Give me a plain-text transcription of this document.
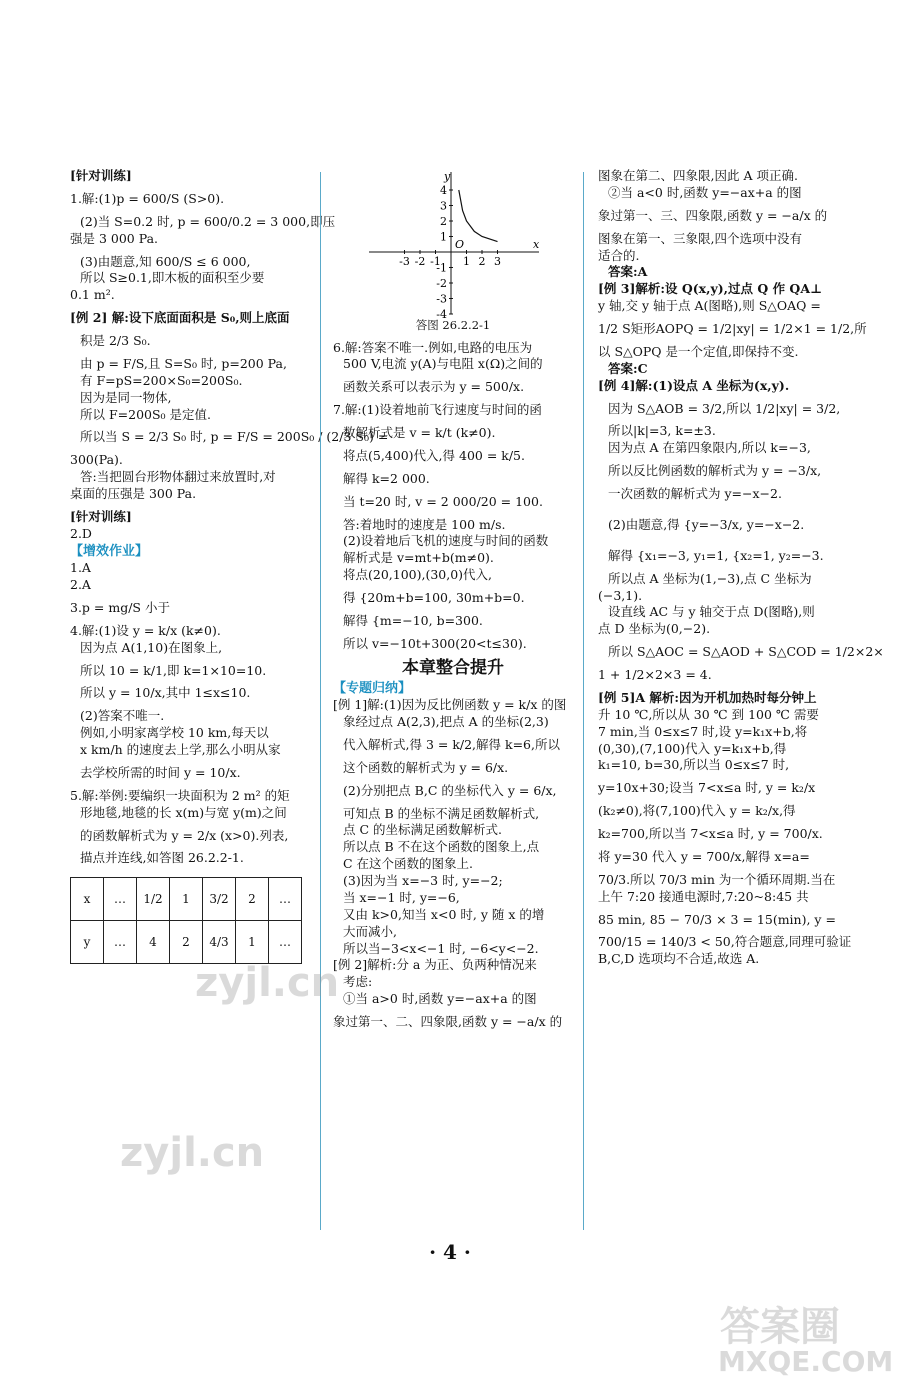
[针对训练]
1.解:(1)p = 600/S (S>0).
(2)当 S=0.2 时, p = 600/0.2 = 3 000,即压
强是 3 000 Pa.
(3)由题意,知 600/S ≤ 6 000,
所以 S≥0.1,即木板的面积至少要
0.1 m².
[例 2] 解:设下底面面积是 S₀,则上底面
积是 2/3 S₀.
由 p = F/S,且 S=S₀ 时, p=200 Pa,
有 F=pS=200×S₀=200S₀.
因为是同一物体,
所以 F=200S₀ 是定值.
所以当 S = 2/3 S₀ 时, p = F/S = 200S₀ / (2/3 S₀) =
300(Pa).
答:当把圆台形物体翻过来放置时,对
桌面的压强是 300 Pa.
[针对训练]
2.D
【增效作业】
1.A
2.A
3.p = mg/S 小于
4.解:(1)设 y = k/x (k≠0).
因为点 A(1,10)在图象上,
所以 10 = k/1,即 k=1×10=10.
所以 y = 10/x,其中 1≤x≤10.
(2)答案不唯一.
例如,小明家离学校 10 km,每天以
x km/h 的速度去上学,那么小明从家
去学校所需的时间 y = 10/x.
5.解:举例:要编织一块面积为 2 m² 的矩
形地毯,地毯的长 x(m)与宽 y(m)之间
的函数解析式为 y = 2/x (x>0).列表,
描点并连线,如答图 26.2.2-1.
x	…	1/2	1	3/2	2	…
y	…	4	2	4/3	1	…
y
x
O
4
3
2
1
-1
-2
-3
-4
-3 -2 -1 1 2 3
答图 26.2.2-1
6.解:答案不唯一.例如,电路的电压为
500 V,电流 y(A)与电阻 x(Ω)之间的
函数关系可以表示为 y = 500/x.
7.解:(1)设着地前飞行速度与时间的函
数解析式是 v = k/t (k≠0).
将点(5,400)代入,得 400 = k/5.
解得 k=2 000.
当 t=20 时, v = 2 000/20 = 100.
答:着地时的速度是 100 m/s.
(2)设着地后飞机的速度与时间的函数
解析式是 v=mt+b(m≠0).
将点(20,100),(30,0)代入,
得 {20m+b=100, 30m+b=0.
解得 {m=−10, b=300.
所以 v=−10t+300(20<t≤30).
本章整合提升
【专题归纳】
[例 1]解:(1)因为反比例函数 y = k/x 的图
象经过点 A(2,3),把点 A 的坐标(2,3)
代入解析式,得 3 = k/2,解得 k=6,所以
这个函数的解析式为 y = 6/x.
(2)分别把点 B,C 的坐标代入 y = 6/x,
可知点 B 的坐标不满足函数解析式,
点 C 的坐标满足函数解析式.
所以点 B 不在这个函数的图象上,点
C 在这个函数的图象上.
(3)因为当 x=−3 时, y=−2;
当 x=−1 时, y=−6,
又由 k>0,知当 x<0 时, y 随 x 的增
大而减小,
所以当−3<x<−1 时, −6<y<−2.
[例 2]解析:分 a 为正、负两种情况来
考虑:
①当 a>0 时,函数 y=−ax+a 的图
象过第一、二、四象限,函数 y = −a/x 的
图象在第二、四象限,因此 A 项正确.
②当 a<0 时,函数 y=−ax+a 的图
象过第一、三、四象限,函数 y = −a/x 的
图象在第一、三象限,四个选项中没有
适合的.
答案:A
[例 3]解析:设 Q(x,y),过点 Q 作 QA⊥
y 轴,交 y 轴于点 A(图略),则 S△OAQ =
1/2 S矩形AOPQ = 1/2|xy| = 1/2×1 = 1/2,所
以 S△OPQ 是一个定值,即保持不变.
答案:C
[例 4]解:(1)设点 A 坐标为(x,y).
因为 S△AOB = 3/2,所以 1/2|xy| = 3/2,
所以|k|=3, k=±3.
因为点 A 在第四象限内,所以 k=−3,
所以反比例函数的解析式为 y = −3/x,
一次函数的解析式为 y=−x−2.
(2)由题意,得 {y=−3/x, y=−x−2.
解得 {x₁=−3, y₁=1, {x₂=1, y₂=−3.
所以点 A 坐标为(1,−3),点 C 坐标为
(−3,1).
设直线 AC 与 y 轴交于点 D(图略),则
点 D 坐标为(0,−2).
所以 S△AOC = S△AOD + S△COD = 1/2×2×
1 + 1/2×2×3 = 4.
[例 5]A 解析:因为开机加热时每分钟上
升 10 ℃,所以从 30 ℃ 到 100 ℃ 需要
7 min,当 0≤x≤7 时,设 y=k₁x+b,将
(0,30),(7,100)代入 y=k₁x+b,得
k₁=10, b=30,所以当 0≤x≤7 时,
y=10x+30;设当 7<x≤a 时, y = k₂/x
(k₂≠0),将(7,100)代入 y = k₂/x,得
k₂=700,所以当 7<x≤a 时, y = 700/x.
将 y=30 代入 y = 700/x,解得 x=a=
70/3.所以 70/3 min 为一个循环周期.当在
上午 7:20 接通电源时,7:20~8:45 共
85 min, 85 − 70/3 × 3 = 15(min), y =
700/15 = 140/3 < 50,符合题意,同理可验证
B,C,D 选项均不合适,故选 A.
· 4 ·
zyjl.cn
zyjl.cn
答案圈
MXQE.COM
